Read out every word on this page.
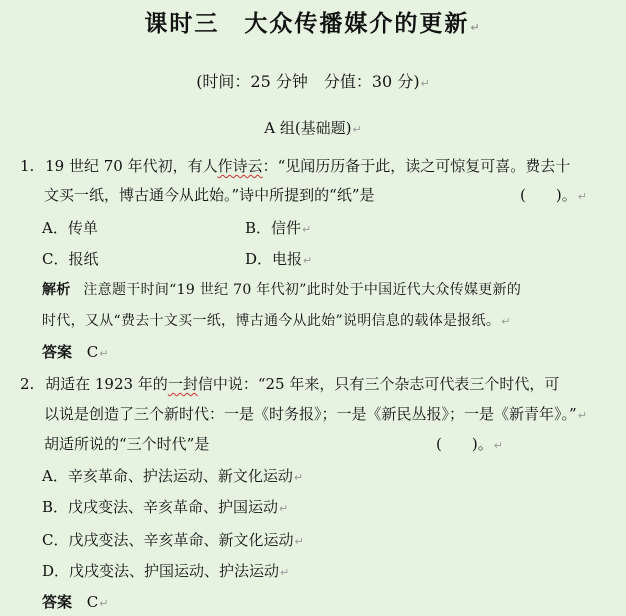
课时三　大众传播媒介的更新↵
(时间：25 分钟　分值：30 分)↵
A 组(基础题)↵
1. 19 世纪 70 年代初，有人作诗云：“见闻历历备于此，读之可惊复可喜。费去十
文买一纸，博古通今从此始。”诗中所提到的“纸”是	(　　)。↵
A．传单	B．信件↵
C．报纸	D．电报↵
解析 注意题干时间“19 世纪 70 年代初”此时处于中国近代大众传媒更新的
时代，又从“费去十文买一纸，博古通今从此始”说明信息的载体是报纸。↵
答案 C↵
2. 胡适在 1923 年的一封信中说：“25 年来，只有三个杂志可代表三个时代，可
以说是创造了三个新时代：一是《时务报》；一是《新民丛报》；一是《新青年》。”↵
胡适所说的“三个时代”是	(　　)。↵
A．辛亥革命、护法运动、新文化运动↵
B．戊戌变法、辛亥革命、护国运动↵
C．戊戌变法、辛亥革命、新文化运动↵
D．戊戌变法、护国运动、护法运动↵
答案 C↵
